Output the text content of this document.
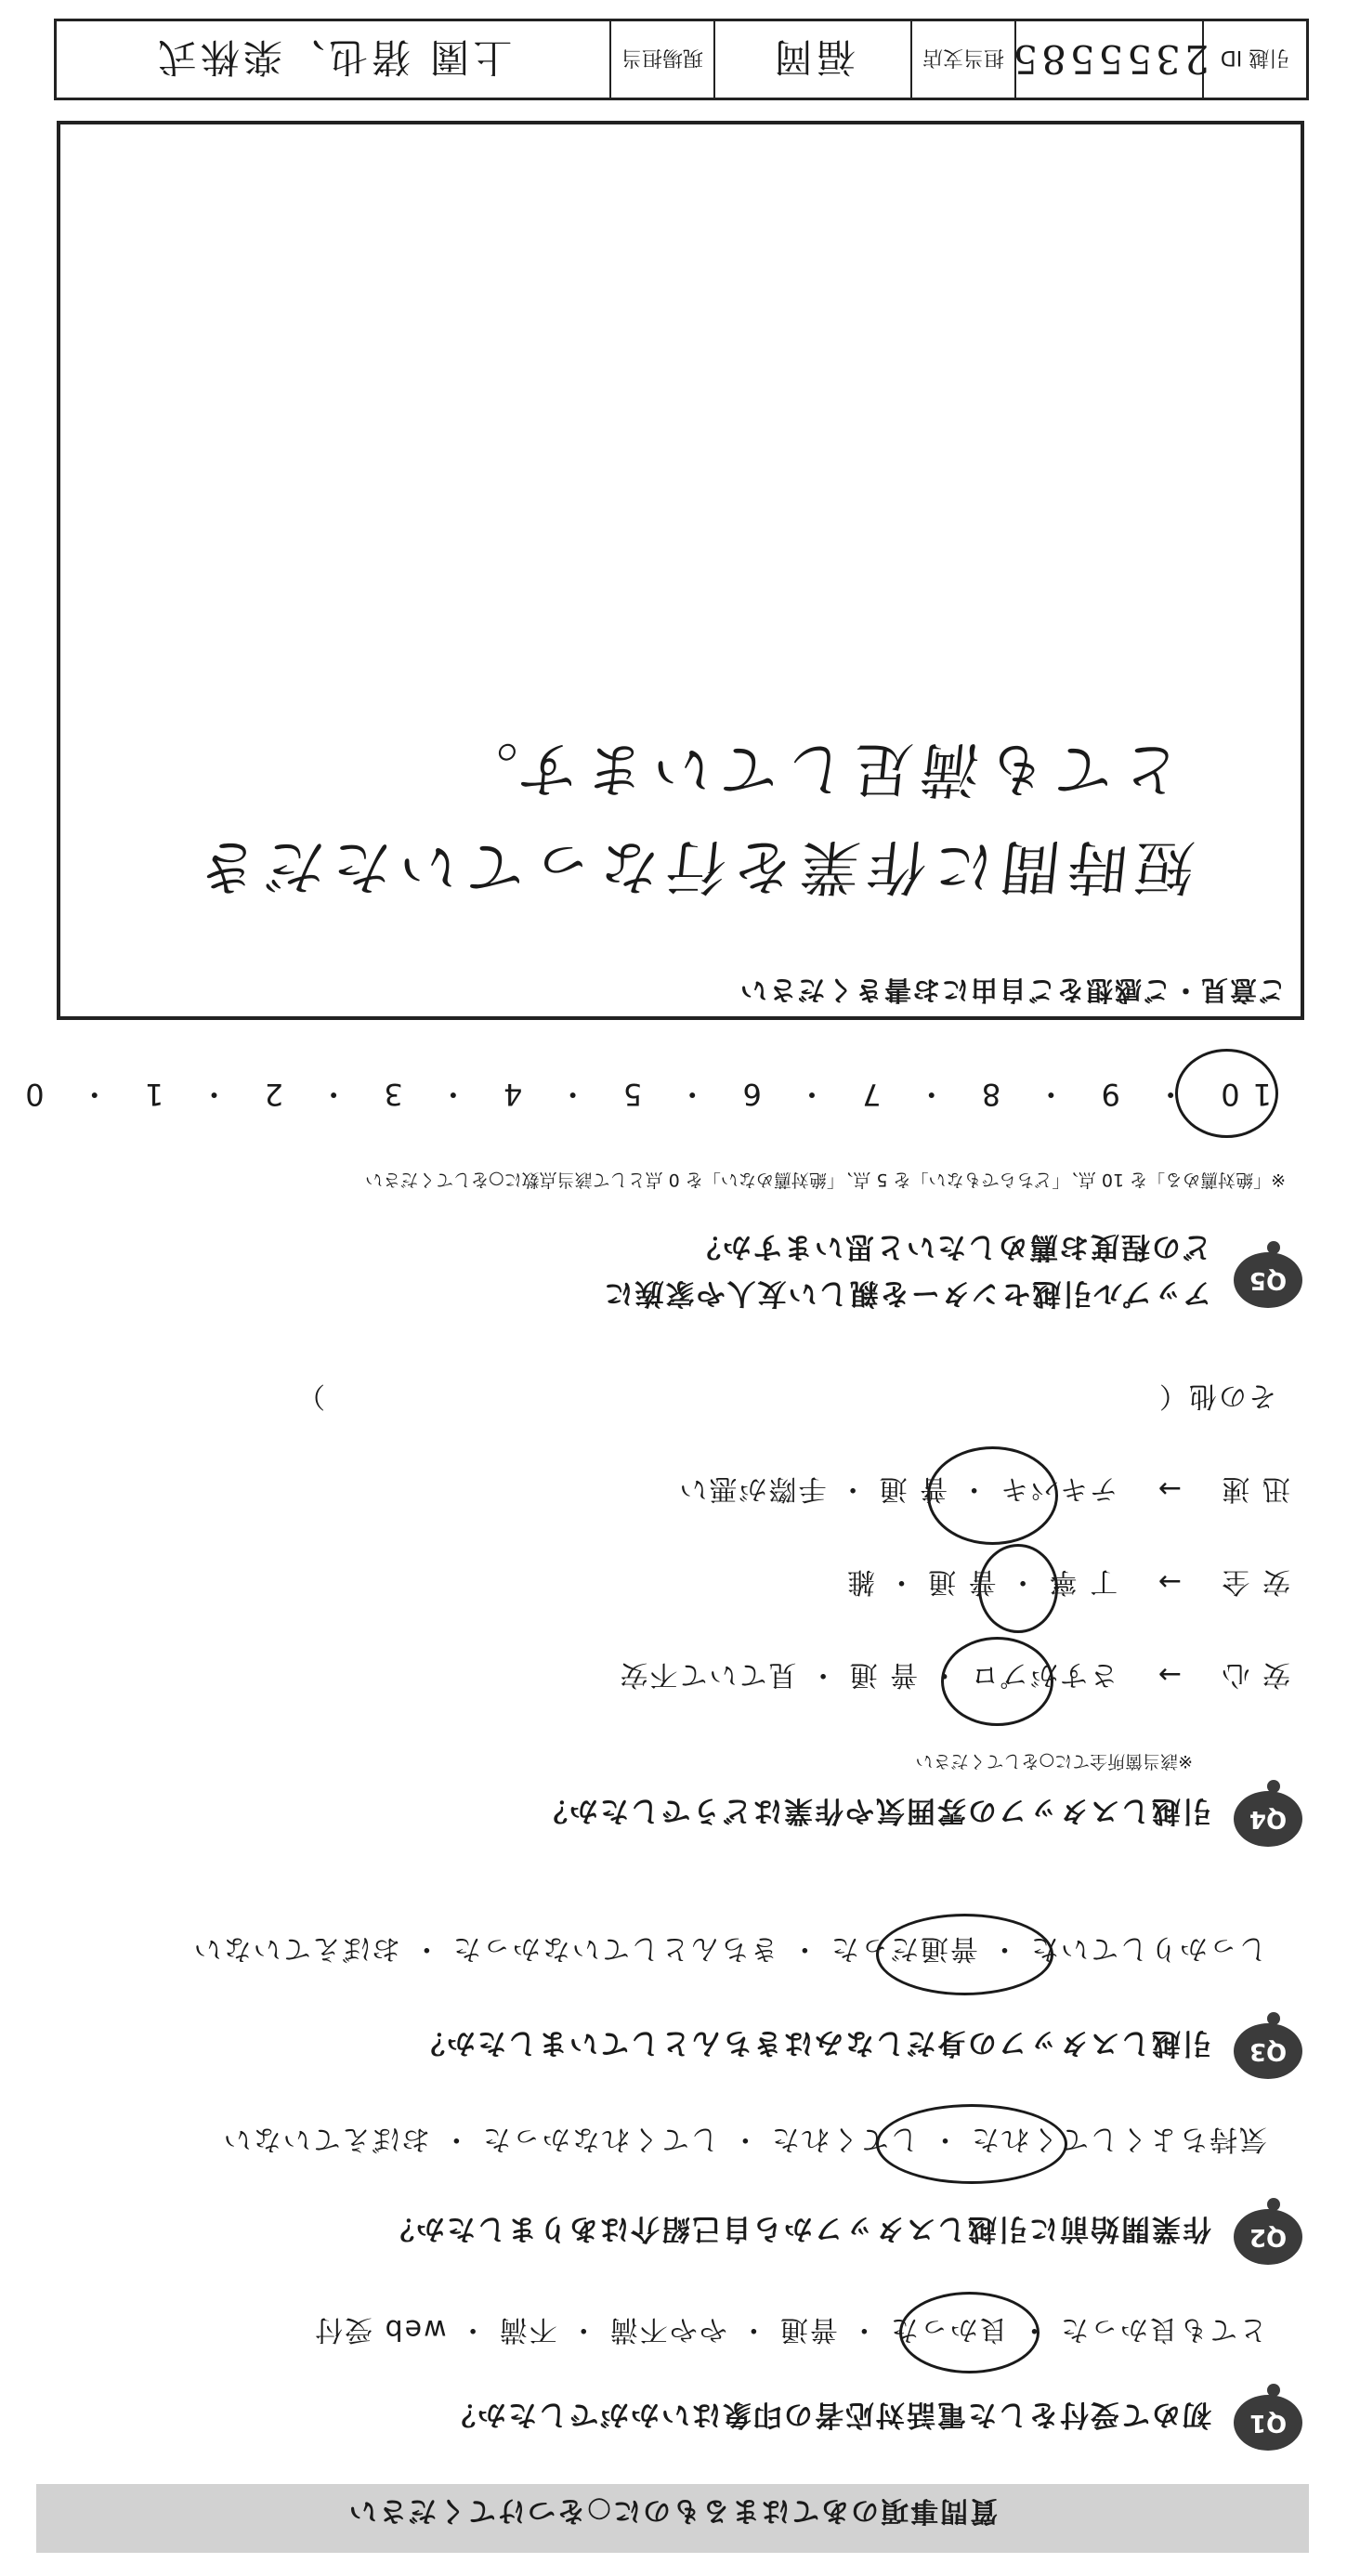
質問事項のあてはまるものに○をつけてください
Q1
初めて受付をした電話対応者の印象はいかがでしたか？
とても良かった ・ 良かった ・ 普通 ・ やや不満 ・ 不満 ・ web 受付
Q2
作業開始前に引越しスタッフから自己紹介はありましたか？
気持ちよくしてくれた ・ してくれた ・ してくれなかった ・ おぼえていない
Q3
引越しスタッフの身だしなみはきちんとしていましたか？
しっかりしていた ・ 普通だった ・ きちんとしていなかった ・ おぼえていない
Q4
引越しスタッフの雰囲気や作業はどうでしたか？
※該当箇所全てに○をしてください
安 心 → さすがプロ ・ 普 通 ・ 見ていて不安
安 全 → 丁 寧 ・ 普 通 ・ 雑
迅 速 → テキパキ ・ 普 通 ・ 手際が悪い
その他（　　　　　　　　　　　　　　　　　　　　　　　　　　　　）
Q5
アップル引越センターを親しい友人や家族に
どの程度お薦めしたいと思いますか？
※「絶対薦める」を 10 点、「どちらでもない」を 5 点、「絶対薦めない」を 0 点として該当点数に○をしてください
10 ・ 9 ・ 8 ・ 7 ・ 6 ・ 5 ・ 4 ・ 3 ・ 2 ・ 1 ・ 0
ご意見・ご感想をご自由にお書きください
短時間に作業を行なっていただき
とても満足しています。
引越 ID
2355585
担当支店
福岡
現場担当
上園 猪也、楽株式
